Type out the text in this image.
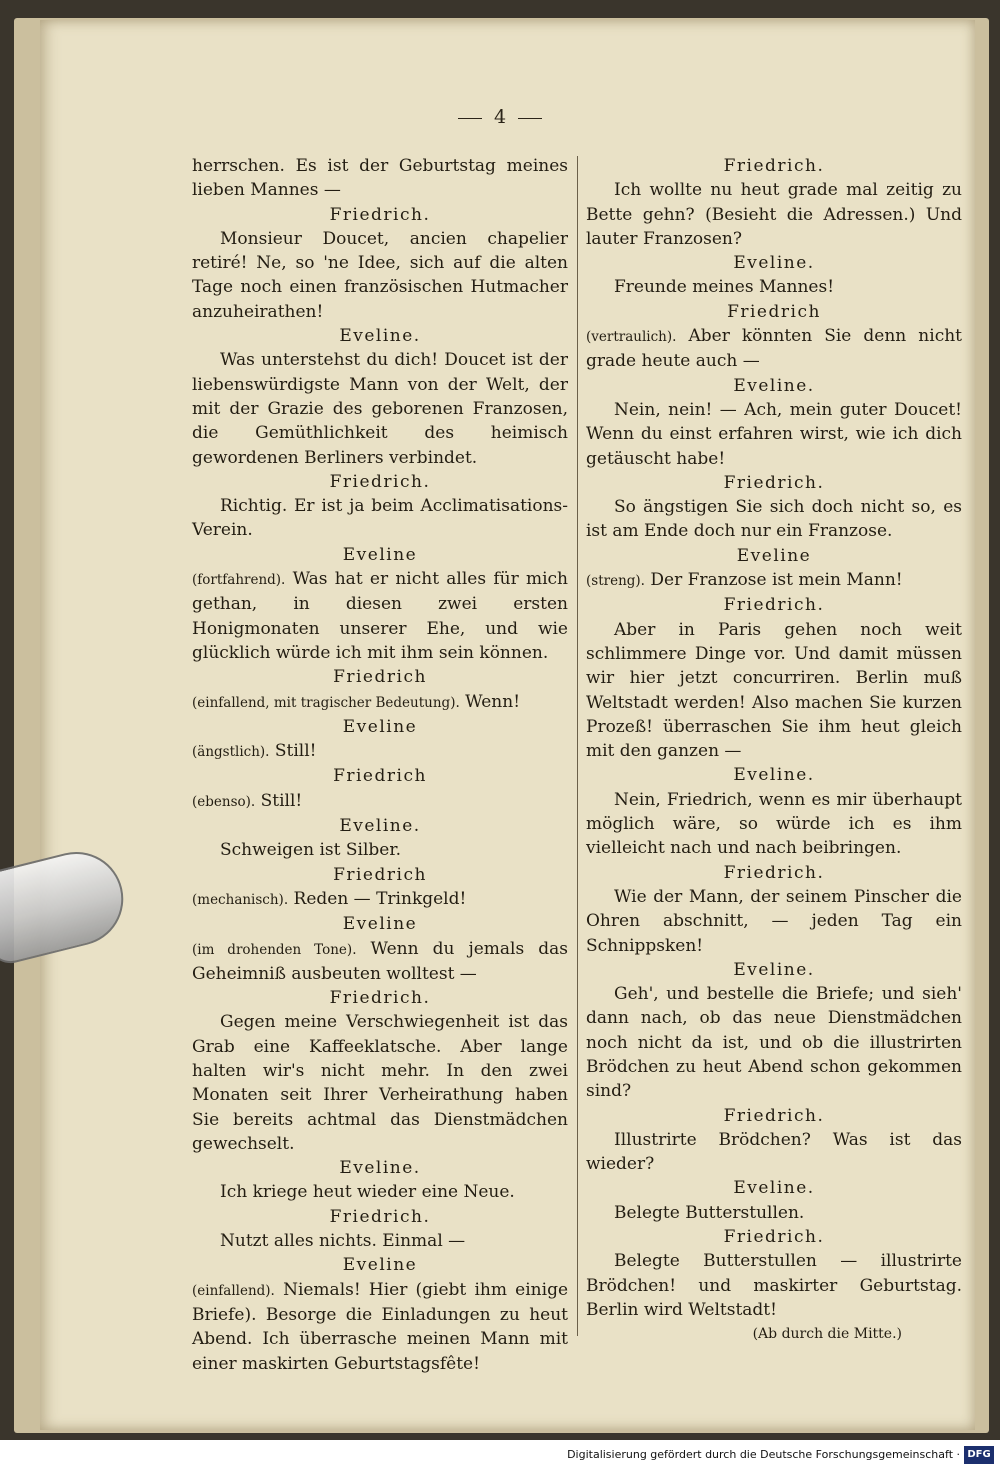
4

herrschen. Es ist der Geburtstag meines lieben Mannes —

Friedrich.

Monsieur Doucet, ancien chapelier retiré! Ne, so 'ne Idee, sich auf die alten Tage noch einen französischen Hutmacher anzuheirathen!

Eveline.

Was unterstehst du dich! Doucet ist der liebenswürdigste Mann von der Welt, der mit der Grazie des geborenen Franzosen, die Gemüthlichkeit des heimisch gewordenen Berliners verbindet.

Friedrich.

Richtig. Er ist ja beim Acclimatisations-Verein.

Eveline

(fortfahrend). Was hat er nicht alles für mich gethan, in diesen zwei ersten Honigmonaten unserer Ehe, und wie glücklich würde ich mit ihm sein können.

Friedrich

(einfallend, mit tragischer Bedeutung). Wenn!

Eveline

(ängstlich). Still!

Friedrich

(ebenso). Still!

Eveline.

Schweigen ist Silber.

Friedrich

(mechanisch). Reden — Trinkgeld!

Eveline

(im drohenden Tone). Wenn du jemals das Geheimniß ausbeuten wolltest —

Friedrich.

Gegen meine Verschwiegenheit ist das Grab eine Kaffeeklatsche. Aber lange halten wir's nicht mehr. In den zwei Monaten seit Ihrer Verheirathung haben Sie bereits achtmal das Dienstmädchen gewechselt.

Eveline.

Ich kriege heut wieder eine Neue.

Friedrich.

Nutzt alles nichts. Einmal —

Eveline

(einfallend). Niemals! Hier (giebt ihm einige Briefe). Besorge die Einladungen zu heut Abend. Ich überrasche meinen Mann mit einer maskirten Geburtstagsfête!

Friedrich.

Ich wollte nu heut grade mal zeitig zu Bette gehn? (Besieht die Adressen.) Und lauter Franzosen?

Eveline.

Freunde meines Mannes!

Friedrich

(vertraulich). Aber könnten Sie denn nicht grade heute auch —

Eveline.

Nein, nein! — Ach, mein guter Doucet! Wenn du einst erfahren wirst, wie ich dich getäuscht habe!

Friedrich.

So ängstigen Sie sich doch nicht so, es ist am Ende doch nur ein Franzose.

Eveline

(streng). Der Franzose ist mein Mann!

Friedrich.

Aber in Paris gehen noch weit schlimmere Dinge vor. Und damit müssen wir hier jetzt concurriren. Berlin muß Weltstadt werden! Also machen Sie kurzen Prozeß! überraschen Sie ihm heut gleich mit den ganzen —

Eveline.

Nein, Friedrich, wenn es mir überhaupt möglich wäre, so würde ich es ihm vielleicht nach und nach beibringen.

Friedrich.

Wie der Mann, der seinem Pinscher die Ohren abschnitt, — jeden Tag ein Schnippsken!

Eveline.

Geh', und bestelle die Briefe; und sieh' dann nach, ob das neue Dienstmädchen noch nicht da ist, und ob die illustrirten Brödchen zu heut Abend schon gekommen sind?

Friedrich.

Illustrirte Brödchen? Was ist das wieder?

Eveline.

Belegte Butterstullen.

Friedrich.

Belegte Butterstullen — illustrirte Brödchen! und maskirter Geburtstag. Berlin wird Weltstadt!

(Ab durch die Mitte.)

Digitalisierung gefördert durch die Deutsche Forschungsgemeinschaft · DFG
